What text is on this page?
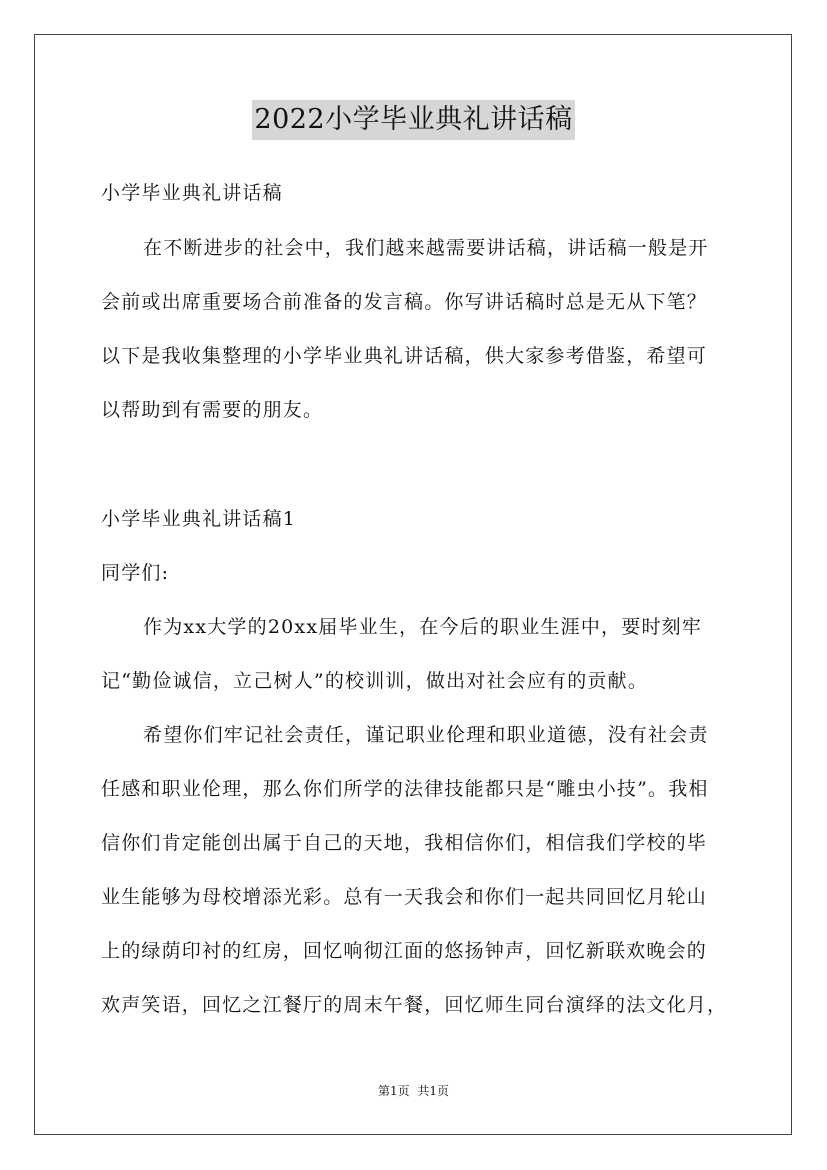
2022小学毕业典礼讲话稿
小学毕业典礼讲话稿
在不断进步的社会中，我们越来越需要讲话稿，讲话稿一般是开
会前或出席重要场合前准备的发言稿。你写讲话稿时总是无从下笔？
以下是我收集整理的小学毕业典礼讲话稿，供大家参考借鉴，希望可
以帮助到有需要的朋友。
小学毕业典礼讲话稿1
同学们:
作为xx大学的20xx届毕业生，在今后的职业生涯中，要时刻牢
记“勤俭诚信，立己树人”的校训训，做出对社会应有的贡献。
希望你们牢记社会责任，谨记职业伦理和职业道德，没有社会责
任感和职业伦理，那么你们所学的法律技能都只是“雕虫小技”。我相
信你们肯定能创出属于自己的天地，我相信你们，相信我们学校的毕
业生能够为母校增添光彩。总有一天我会和你们一起共同回忆月轮山
上的绿荫印衬的红房，回忆响彻江面的悠扬钟声，回忆新联欢晚会的
欢声笑语，回忆之江餐厅的周末午餐，回忆师生同台演绎的法文化月，
第1页 共1页
